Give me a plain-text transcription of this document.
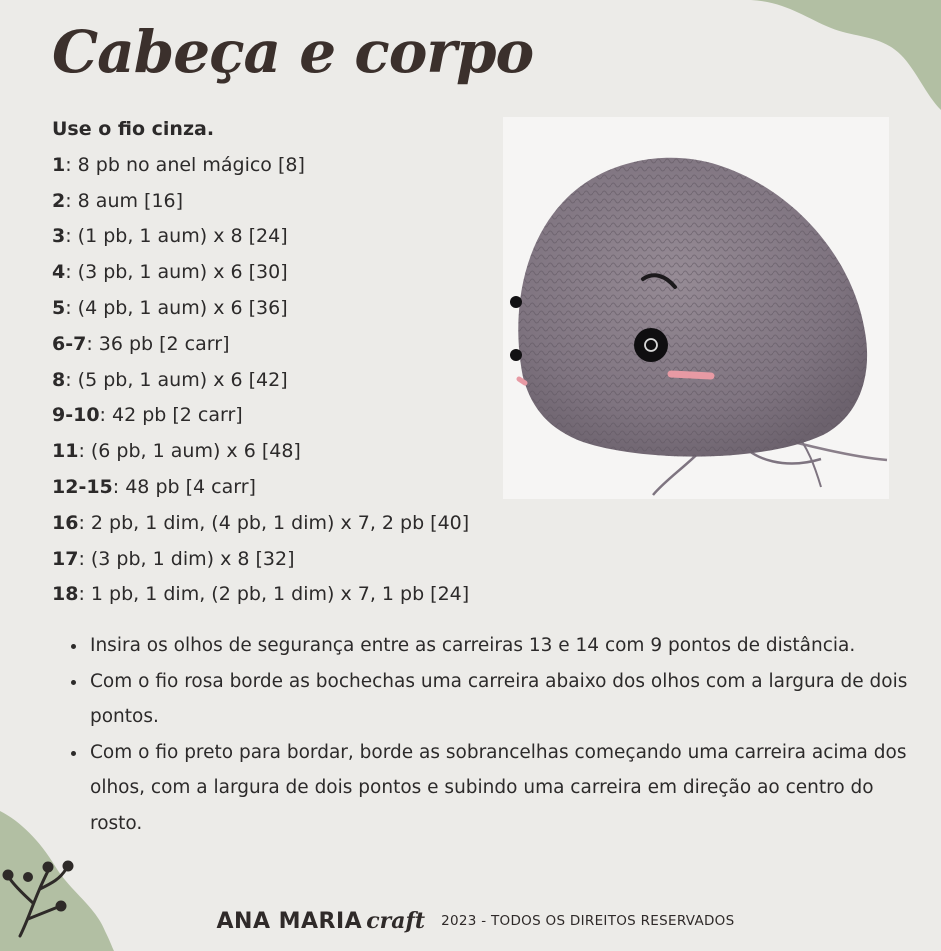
Cabeça e corpo
Use o fio cinza.
1: 8 pb no anel mágico [8]
2: 8 aum [16]
3: (1 pb, 1 aum) x 8 [24]
4: (3 pb, 1 aum) x 6 [30]
5: (4 pb, 1 aum) x 6 [36]
6-7: 36 pb [2 carr]
8: (5 pb, 1 aum) x 6 [42]
9-10: 42 pb [2 carr]
11: (6 pb, 1 aum) x 6 [48]
12-15: 48 pb [4 carr]
16: 2 pb, 1 dim, (4 pb, 1 dim) x 7, 2 pb [40]
17: (3 pb, 1 dim) x 8 [32]
18: 1 pb, 1 dim, (2 pb, 1 dim) x 7, 1 pb [24]
• Insira os olhos de segurança entre as carreiras 13 e 14 com 9 pontos de distância.
• Com o fio rosa borde as bochechas uma carreira abaixo dos olhos com a largura de dois pontos.
• Com o fio preto para bordar, borde as sobrancelhas começando uma carreira acima dos olhos, com a largura de dois pontos e subindo uma carreira em direção ao centro do rosto.
ANA MARIA craft 2023 - TODOS OS DIREITOS RESERVADOS
